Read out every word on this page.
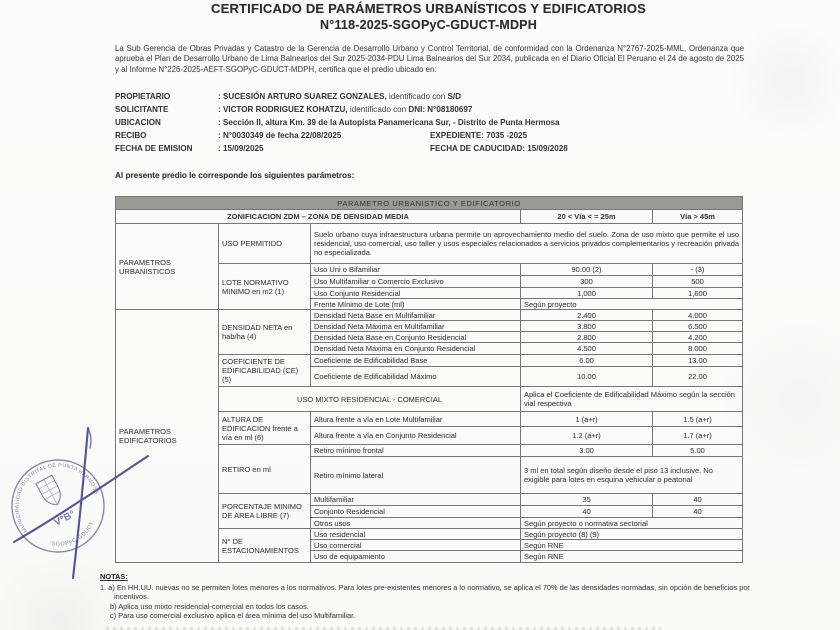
CERTIFICADO DE PARÁMETROS URBANÍSTICOS Y EDIFICATORIOS
N°118-2025-SGOPyC-GDUCT-MDPH

La Sub Gerencia de Obras Privadas y Catastro de la Gerencia de Desarrollo Urbano y Control Territorial, de conformidad con la Ordenanza N°2767-2025-MML, Ordenanza que aprueba el Plan de Desarrollo Urbano de Lima Balnearios del Sur 2025-2034-PDU Lima Balnearios del Sur 2034, publicada en el Diario Oficial El Peruano el 24 de agosto de 2025 y al Informe N°226-2025-AEFT-SGOPyC-GDUCT-MDPH, certifica que el predio ubicado en:

PROPIETARIO	: SUCESIÓN ARTURO SUAREZ GONZALES, identificado con S/D
SOLICITANTE	: VICTOR RODRIGUEZ KOHATZU, identificado con DNI: N°08180697
UBICACION	: Sección II, altura Km. 39 de la Autopista Panamericana Sur, - Distrito de Punta Hermosa
RECIBO	: N°0030349 de fecha 22/08/2025	EXPEDIENTE: 7035 -2025
FECHA DE EMISION	: 15/09/2025	FECHA DE CADUCIDAD: 15/09/2028
Al presente predio le corresponde los siguientes parámetros:
PARAMETRO URBANISTICO Y EDIFICATORIO				
ZONIFICACION ZDM – ZONA DE DENSIDAD MEDIA			20 < Vía < = 25m	Vía > 45m
PARAMETROS URBANISTICOS	USO PERMITIDO	Suelo urbano cuya infraestructura urbana permite un aprovechamiento medio del suelo. Zona de uso mixto que permite el uso residencial, uso comercial, uso taller y usos especiales relacionados a servicios privados complementarios y recreación privada no especializada.		
	LOTE NORMATIVO MINIMO en m2 (1)	Uso Uni o Bifamiliar	90.00 (2)	- (3)
		Uso Multifamiliar o Comercio Exclusivo	300	500
		Uso Conjunto Residencial	1,000	1,600
		Frente Mínimo de Lote (ml)	Según proyecto	
PARAMETROS EDIFICATORIOS	DENSIDAD NETA en hab/ha (4)	Densidad Neta Base en Multifamiliar	2.400	4.000
		Densidad Neta Máxima en Multifamiliar	3.800	6.500
		Densidad Neta Base en Conjunto Residencial	2.800	4.200
		Densidad Neta Máxima en Conjunto Residencial	4.500	8.000
	COEFICIENTE DE EDIFICABILIDAD (CE) (5)	Coeficiente de Edificabilidad Base	6.00	13.00
		Coeficiente de Edificabilidad Máximo	10.00	22.00
	USO MIXTO RESIDENCIAL - COMERCIAL		Aplica el Coeficiente de Edificabilidad Máximo según la sección vial respectiva	
	ALTURA DE EDIFICACION frente a vía en ml (6)	Altura frente a vía en Lote Multifamiliar	1 (a+r)	1.5 (a+r)
		Altura frente a vía en Conjunto Residencial	1.2 (a+r)	1.7 (a+r)
	RETIRO en ml	Retiro mínimo frontal	3.00	5.00
		Retiro mínimo lateral	3 ml en total según diseño desde el piso 13 inclusive. No exigible para lotes en esquina vehicular o peatonal	
	PORCENTAJE MINIMO DE AREA LIBRE (7)	Multifamiliar	35	40
		Conjunto Residencial	40	40
		Otros usos	Según proyecto o normativa sectorial	
	N° DE ESTACIONAMIENTOS	Uso residencial	Según proyecto (8) (9)	
		Uso comercial	Según RNE	
		Uso de equipamiento	Según RNE	
NOTAS:
1. a) En HH.UU. nuevas no se permiten lotes menores a los normativos. Para lotes pre-existentes menores a lo normativo, se aplica el 70% de las densidades normadas, sin opción de beneficios por incentivos.
b) Aplica uso mixto residencial-comercial en todos los casos.
c) Para uso comercial exclusivo aplica el área mínima del uso Multifamiliar.
MUNICIPALIDAD DISTRITAL DE PUNTA HERMOSA
SGOPyC-GDUCT
V°B°
